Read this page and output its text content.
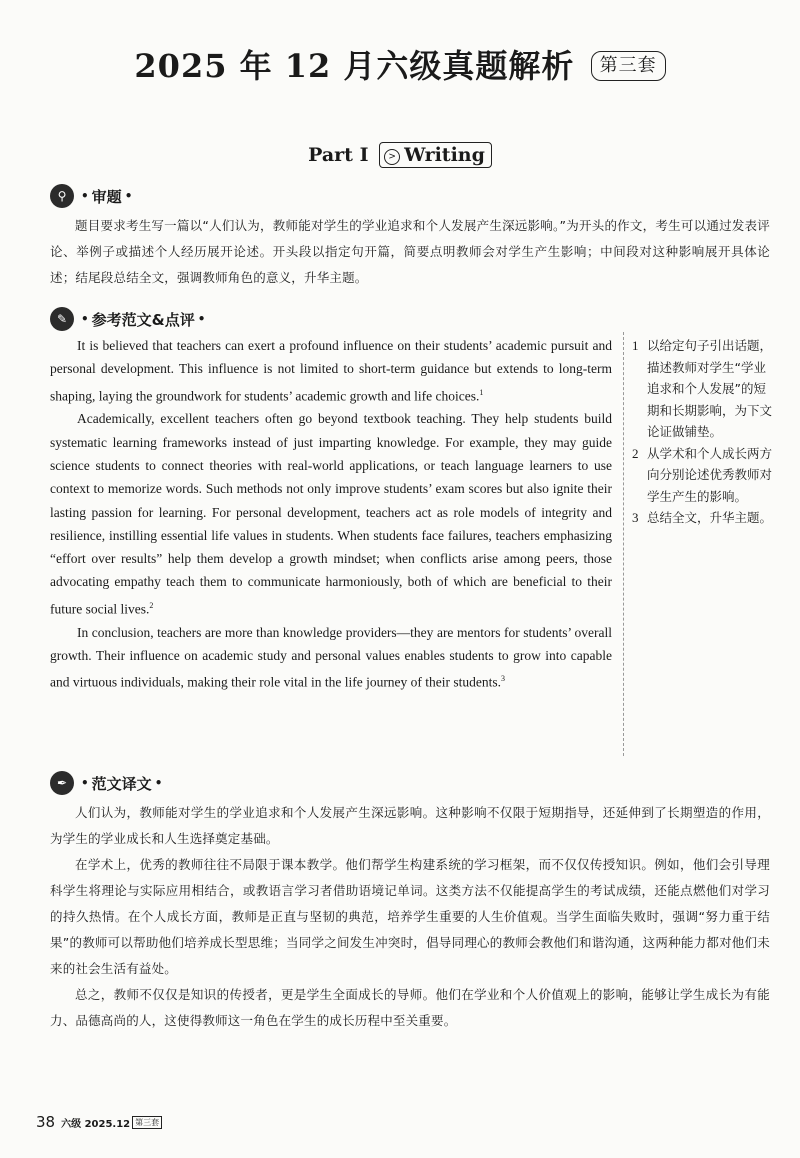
2025 年 12 月六级真题解析 第三套
Part I > Writing
⚲	• 审题 •

题目要求考生写一篇以“人们认为，教师能对学生的学业追求和个人发展产生深远影响。”为开头的作文，考生可以通过发表评论、举例子或描述个人经历展开论述。开头段以指定句开篇，简要点明教师会对学生产生影响；中间段对这种影响展开具体论述；结尾段总结全文，强调教师角色的意义，升华主题。

✎	• 参考范文&点评 •

It is believed that teachers can exert a profound influence on their students’ academic pursuit and personal development. This influence is not limited to short-term guidance but extends to long-term shaping, laying the groundwork for students’ academic growth and life choices.$^1$

Academically, excellent teachers often go beyond textbook teaching. They help students build systematic learning frameworks instead of just imparting knowledge. For example, they may guide science students to connect theories with real-world applications, or teach language learners to use context to memorize words. Such methods not only improve students’ exam scores but also ignite their lasting passion for learning. For personal development, teachers act as role models of integrity and resilience, instilling essential life values in students. When students face failures, teachers emphasizing “effort over results” help them develop a growth mindset; when conflicts arise among peers, those advocating empathy teach them to communicate harmoniously, both of which are beneficial to their future social lives.$^2$

In conclusion, teachers are more than knowledge providers—they are mentors for students’ overall growth. Their influence on academic study and personal values enables students to grow into capable and virtuous individuals, making their role vital in the life journey of their students.$^3$

1 以给定句子引出话题，描述教师对学生“学业追求和个人发展”的短期和长期影响，为下文论证做铺垫。
2 从学术和个人成长两方向分别论述优秀教师对学生产生的影响。
3 总结全文，升华主题。
✒	• 范文译文 •

人们认为，教师能对学生的学业追求和个人发展产生深远影响。这种影响不仅限于短期指导，还延伸到了长期塑造的作用，为学生的学业成长和人生选择奠定基础。

在学术上，优秀的教师往往不局限于课本教学。他们帮学生构建系统的学习框架，而不仅仅传授知识。例如，他们会引导理科学生将理论与实际应用相结合，或教语言学习者借助语境记单词。这类方法不仅能提高学生的考试成绩，还能点燃他们对学习的持久热情。在个人成长方面，教师是正直与坚韧的典范，培养学生重要的人生价值观。当学生面临失败时，强调“努力重于结果”的教师可以帮助他们培养成长型思维；当同学之间发生冲突时，倡导同理心的教师会教他们和谐沟通，这两种能力都对他们未来的社会生活有益处。

总之，教师不仅仅是知识的传授者，更是学生全面成长的导师。他们在学业和个人价值观上的影响，能够让学生成长为有能力、品德高尚的人，这使得教师这一角色在学生的成长历程中至关重要。

38 六级 2025.12 第三套
